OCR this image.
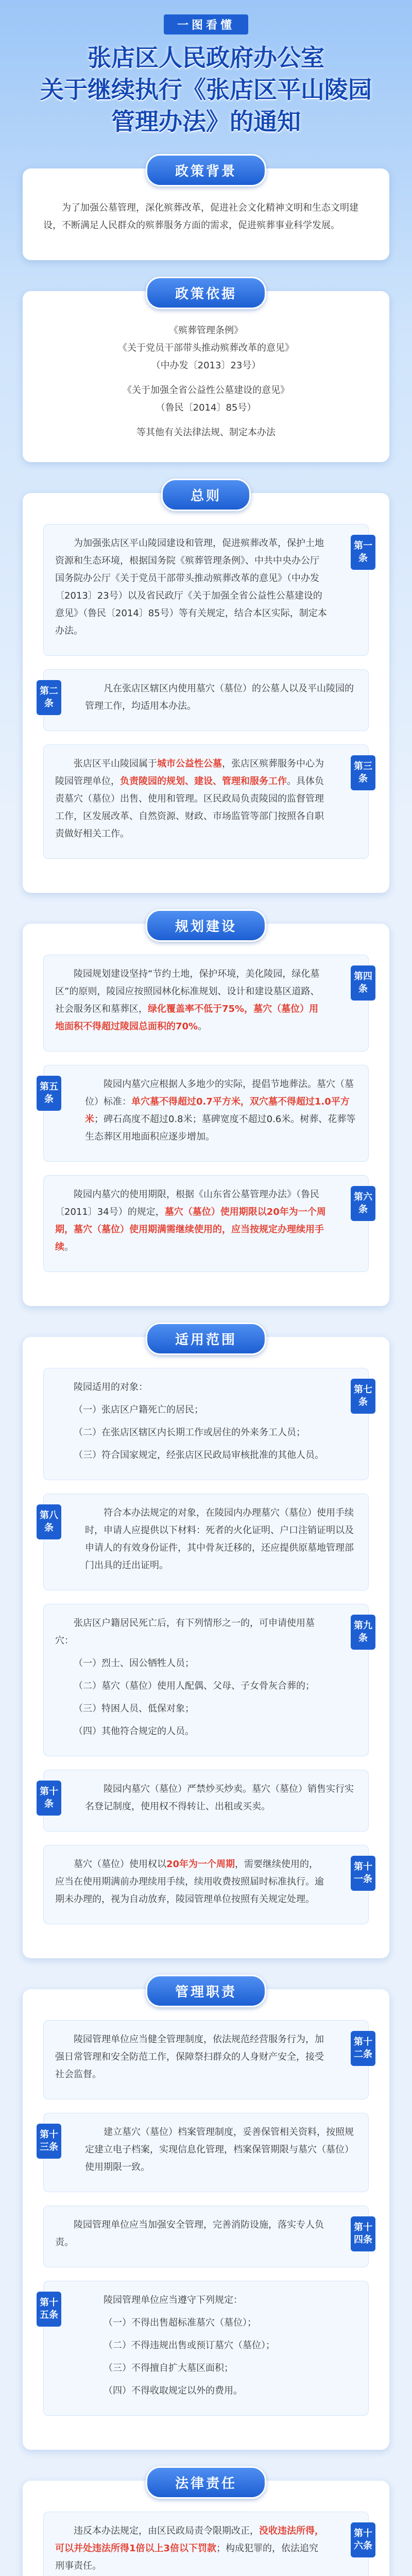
一图看懂
张店区人民政府办公室
关于继续执行《张店区平山陵园
管理办法》的通知
政策背景
为了加强公墓管理，深化殡葬改革，促进社会文化精神文明和生态文明建设，不断满足人民群众的殡葬服务方面的需求，促进殡葬事业科学发展。
政策依据
《殡葬管理条例》
《关于党员干部带头推动殡葬改革的意见》
（中办发〔2013〕23号）
《关于加强全省公益性公墓建设的意见》
（鲁民〔2014〕85号）
等其他有关法律法规、制定本办法
总则
第一条
为加强张店区平山陵园建设和管理，促进殡葬改革，保护土地资源和生态环境，根据国务院《殡葬管理条例》、中共中央办公厅 国务院办公厅《关于党员干部带头推动殡葬改革的意见》（中办发〔2013〕23号）以及省民政厅《关于加强全省公益性公墓建设的意见》（鲁民〔2014〕85号）等有关规定，结合本区实际，制定本办法。
第二条
凡在张店区辖区内使用墓穴（墓位）的公墓人以及平山陵园的管理工作，均适用本办法。
第三条
张店区平山陵园属于城市公益性公墓，张店区殡葬服务中心为陵园管理单位，负责陵园的规划、建设、管理和服务工作。具体负责墓穴（墓位）出售、使用和管理。区民政局负责陵园的监督管理工作，区发展改革、自然资源、财政、市场监管等部门按照各自职责做好相关工作。
规划建设
第四条
陵园规划建设坚持“节约土地，保护环境，美化陵园，绿化墓区”的原则，陵园应按照园林化标准规划、设计和建设墓区道路、社会服务区和墓葬区，绿化覆盖率不低于75%，墓穴（墓位）用地面积不得超过陵园总面积的70%。
第五条
陵园内墓穴应根据人多地少的实际，提倡节地葬法。墓穴（墓位）标准：单穴墓不得超过0.7平方米，双穴墓不得超过1.0平方米；碑石高度不超过0.8米；墓碑宽度不超过0.6米。树葬、花葬等生态葬区用地面积应逐步增加。
第六条
陵园内墓穴的使用期限，根据《山东省公墓管理办法》（鲁民〔2011〕34号）的规定，墓穴（墓位）使用期限以20年为一个周期，墓穴（墓位）使用期满需继续使用的，应当按规定办理续用手续。
适用范围
第七条
陵园适用的对象：
（一）张店区户籍死亡的居民；
（二）在张店区辖区内长期工作或居住的外来务工人员；
（三）符合国家规定，经张店区民政局审核批准的其他人员。
第八条
符合本办法规定的对象，在陵园内办理墓穴（墓位）使用手续时，申请人应提供以下材料：死者的火化证明、户口注销证明以及申请人的有效身份证件，其中骨灰迁移的，还应提供原墓地管理部门出具的迁出证明。
第九条
张店区户籍居民死亡后，有下列情形之一的，可申请使用墓穴：
（一）烈士、因公牺牲人员；
（二）墓穴（墓位）使用人配偶、父母、子女骨灰合葬的；
（三）特困人员、低保对象；
（四）其他符合规定的人员。
第十条
陵园内墓穴（墓位）严禁炒买炒卖。墓穴（墓位）销售实行实名登记制度，使用权不得转让、出租或买卖。
第十一条
墓穴（墓位）使用权以20年为一个周期，需要继续使用的，应当在使用期满前办理续用手续，续用收费按照届时标准执行。逾期未办理的，视为自动放弃，陵园管理单位按照有关规定处理。
管理职责
第十二条
陵园管理单位应当健全管理制度，依法规范经营服务行为，加强日常管理和安全防范工作，保障祭扫群众的人身财产安全，接受社会监督。
第十三条
建立墓穴（墓位）档案管理制度，妥善保管相关资料，按照规定建立电子档案，实现信息化管理，档案保管期限与墓穴（墓位）使用期限一致。
第十四条
陵园管理单位应当加强安全管理，完善消防设施，落实专人负责。
第十五条
陵园管理单位应当遵守下列规定：
（一）不得出售超标准墓穴（墓位）；
（二）不得违规出售或预订墓穴（墓位）；
（三）不得擅自扩大墓区面积；
（四）不得收取规定以外的费用。
法律责任
第十六条
违反本办法规定，由区民政局责令限期改正，没收违法所得，可以并处违法所得1倍以上3倍以下罚款；构成犯罪的，依法追究刑事责任。
